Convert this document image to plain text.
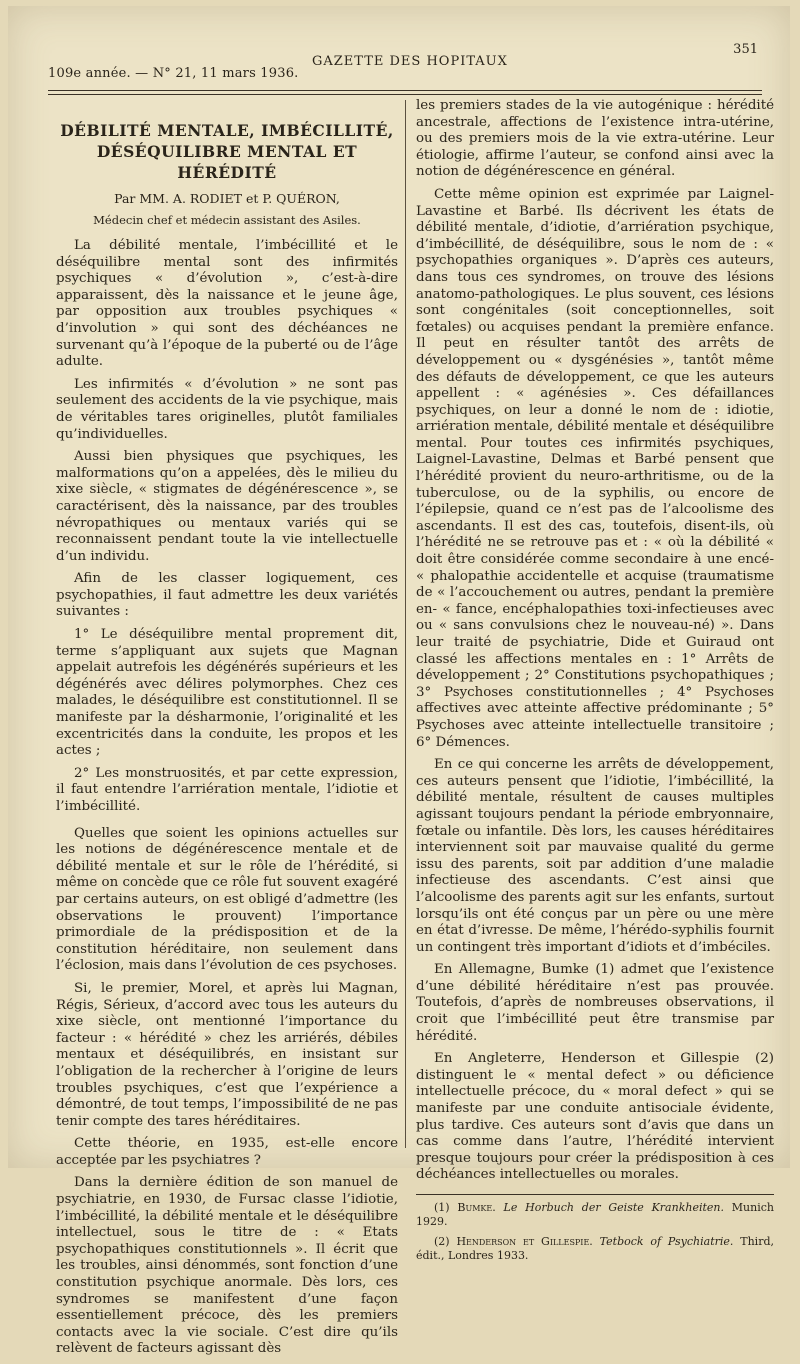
109e année. — N° 21, 11 mars 1936.
GAZETTE DES HOPITAUX
351
DÉBILITÉ MENTALE, IMBÉCILLITÉ,
DÉSÉQUILIBRE MENTAL ET HÉRÉDITÉ

Par MM. A. RODIET et P. QUÉRON,

Médecin chef et médecin assistant des Asiles.

La débilité mentale, l’imbécillité et le déséquilibre mental sont des infirmités psychiques « d’évolution », c’est-à-dire apparaissent, dès la naissance et le jeune âge, par opposition aux troubles psychiques « d’involution » qui sont des déchéances ne survenant qu’à l’époque de la puberté ou de l’âge adulte.

Les infirmités « d’évolution » ne sont pas seulement des accidents de la vie psychique, mais de véritables tares originelles, plutôt familiales qu’individuelles.

Aussi bien physiques que psychiques, les malformations qu’on a appelées, dès le milieu du xixe siècle, « stigmates de dégénérescence », se caractérisent, dès la naissance, par des troubles névropathiques ou mentaux variés qui se reconnaissent pendant toute la vie intellectuelle d’un individu.

Afin de les classer logiquement, ces psychopathies, il faut admettre les deux variétés suivantes :

1° Le déséquilibre mental proprement dit, terme s’appliquant aux sujets que Magnan appelait autrefois les dégénérés supérieurs et les dégénérés avec délires polymorphes. Chez ces malades, le déséquilibre est constitutionnel. Il se manifeste par la désharmonie, l’originalité et les excentricités dans la conduite, les propos et les actes ;

2° Les monstruosités, et par cette expression, il faut entendre l’arriération mentale, l’idiotie et l’imbécillité.

Quelles que soient les opinions actuelles sur les notions de dégénérescence mentale et de débilité mentale et sur le rôle de l’hérédité, si même on concède que ce rôle fut souvent exagéré par certains auteurs, on est obligé d’admettre (les observations le prouvent) l’importance primordiale de la prédisposition et de la constitution héréditaire, non seulement dans l’éclosion, mais dans l’évolution de ces psychoses.

Si, le premier, Morel, et après lui Magnan, Régis, Sérieux, d’accord avec tous les auteurs du xixe siècle, ont mentionné l’importance du facteur : « hérédité » chez les arriérés, débiles mentaux et déséquilibrés, en insistant sur l’obligation de la rechercher à l’origine de leurs troubles psychiques, c’est que l’expérience a démontré, de tout temps, l’impossibilité de ne pas tenir compte des tares héréditaires.

Cette théorie, en 1935, est-elle encore acceptée par les psychiatres ?

Dans la dernière édition de son manuel de psychiatrie, en 1930, de Fursac classe l’idiotie, l’imbécillité, la débilité mentale et le déséquilibre intellectuel, sous le titre de : « Etats psychopathiques constitutionnels ». Il écrit que les troubles, ainsi dénommés, sont fonction d’une constitution psychique anormale. Dès lors, ces syndromes se manifestent d’une façon essentiellement précoce, dès les premiers contacts avec la vie sociale. C’est dire qu’ils relèvent de facteurs agissant dès

les premiers stades de la vie autogénique : hérédité ancestrale, affections de l’existence intra-utérine, ou des premiers mois de la vie extra-utérine. Leur étiologie, affirme l’auteur, se confond ainsi avec la notion de dégénérescence en général.

Cette même opinion est exprimée par Laignel-Lavastine et Barbé. Ils décrivent les états de débilité mentale, d’idiotie, d’arriération psychique, d’imbécillité, de déséquilibre, sous le nom de : « psychopathies organiques ». D’après ces auteurs, dans tous ces syndromes, on trouve des lésions anatomo-pathologiques. Le plus souvent, ces lésions sont congénitales (soit conceptionnelles, soit fœtales) ou acquises pendant la première enfance. Il peut en résulter tantôt des arrêts de développement ou « dysgénésies », tantôt même des défauts de développement, ce que les auteurs appellent : « agénésies ». Ces défaillances psychiques, on leur a donné le nom de : idiotie, arriération mentale, débilité mentale et déséquilibre mental. Pour toutes ces infirmités psychiques, Laignel-Lavastine, Delmas et Barbé pensent que l’hérédité provient du neuro-arthritisme, ou de la tuberculose, ou de la syphilis, ou encore de l’épilepsie, quand ce n’est pas de l’alcoolisme des ascendants. Il est des cas, toutefois, disent-ils, où l’hérédité ne se retrouve pas et : « où la débilité « doit être considérée comme secondaire à une encé- « phalopathie accidentelle et acquise (traumatisme de « l’accouchement ou autres, pendant la première en- « fance, encéphalopathies toxi-infectieuses avec ou « sans convulsions chez le nouveau-né) ». Dans leur traité de psychiatrie, Dide et Guiraud ont classé les affections mentales en : 1° Arrêts de développement ; 2° Constitutions psychopathiques ; 3° Psychoses constitutionnelles ; 4° Psychoses affectives avec atteinte affective prédominante ; 5° Psychoses avec atteinte intellectuelle transitoire ; 6° Démences.

En ce qui concerne les arrêts de développement, ces auteurs pensent que l’idiotie, l’imbécillité, la débilité mentale, résultent de causes multiples agissant toujours pendant la période embryonnaire, fœtale ou infantile. Dès lors, les causes héréditaires interviennent soit par mauvaise qualité du germe issu des parents, soit par addition d’une maladie infectieuse des ascendants. C’est ainsi que l’alcoolisme des parents agit sur les enfants, surtout lorsqu’ils ont été conçus par un père ou une mère en état d’ivresse. De même, l’hérédo-syphilis fournit un contingent très important d’idiots et d’imbéciles.

En Allemagne, Bumke (1) admet que l’existence d’une débilité héréditaire n’est pas prouvée. Toutefois, d’après de nombreuses observations, il croit que l’imbécillité peut être transmise par hérédité.

En Angleterre, Henderson et Gillespie (2) distinguent le « mental defect » ou déficience intellectuelle précoce, du « moral defect » qui se manifeste par une conduite antisociale évidente, plus tardive. Ces auteurs sont d’avis que dans un cas comme dans l’autre, l’hérédité intervient presque toujours pour créer la prédisposition à ces déchéances intellectuelles ou morales.

(1) Bumke. Le Horbuch der Geiste Krankheiten. Munich 1929.

(2) Henderson et Gillespie. Tetbock of Psychiatrie. Third, édit., Londres 1933.
